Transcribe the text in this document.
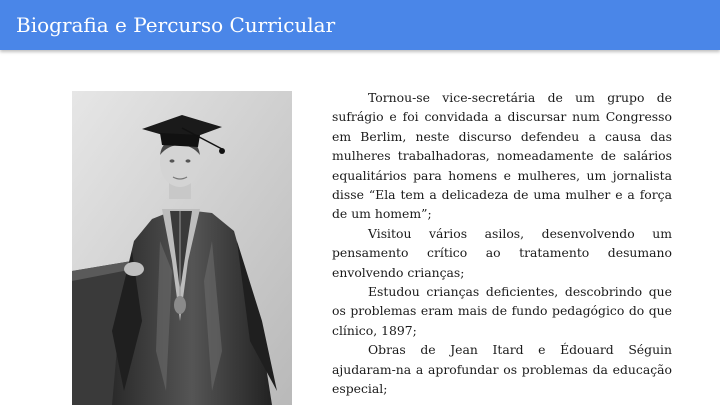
Biografia e Percurso Curricular

Tornou-se vice-secretária de um grupo de sufrágio e foi convidada a discursar num Congresso em Berlim, neste discurso defendeu a causa das mulheres trabalhadoras, nomeadamente de salários equalitários para homens e mulheres, um jornalista disse “Ela tem a delicadeza de uma mulher e a força de um homem”;

Visitou vários asilos, desenvolvendo um pensamento crítico ao tratamento desumano envolvendo crianças;

Estudou crianças deficientes, descobrindo que os problemas eram mais de fundo pedagógico do que clínico, 1897;

Obras de Jean Itard e Édouard Séguin ajudaram-na a aprofundar os problemas da educação especial;
